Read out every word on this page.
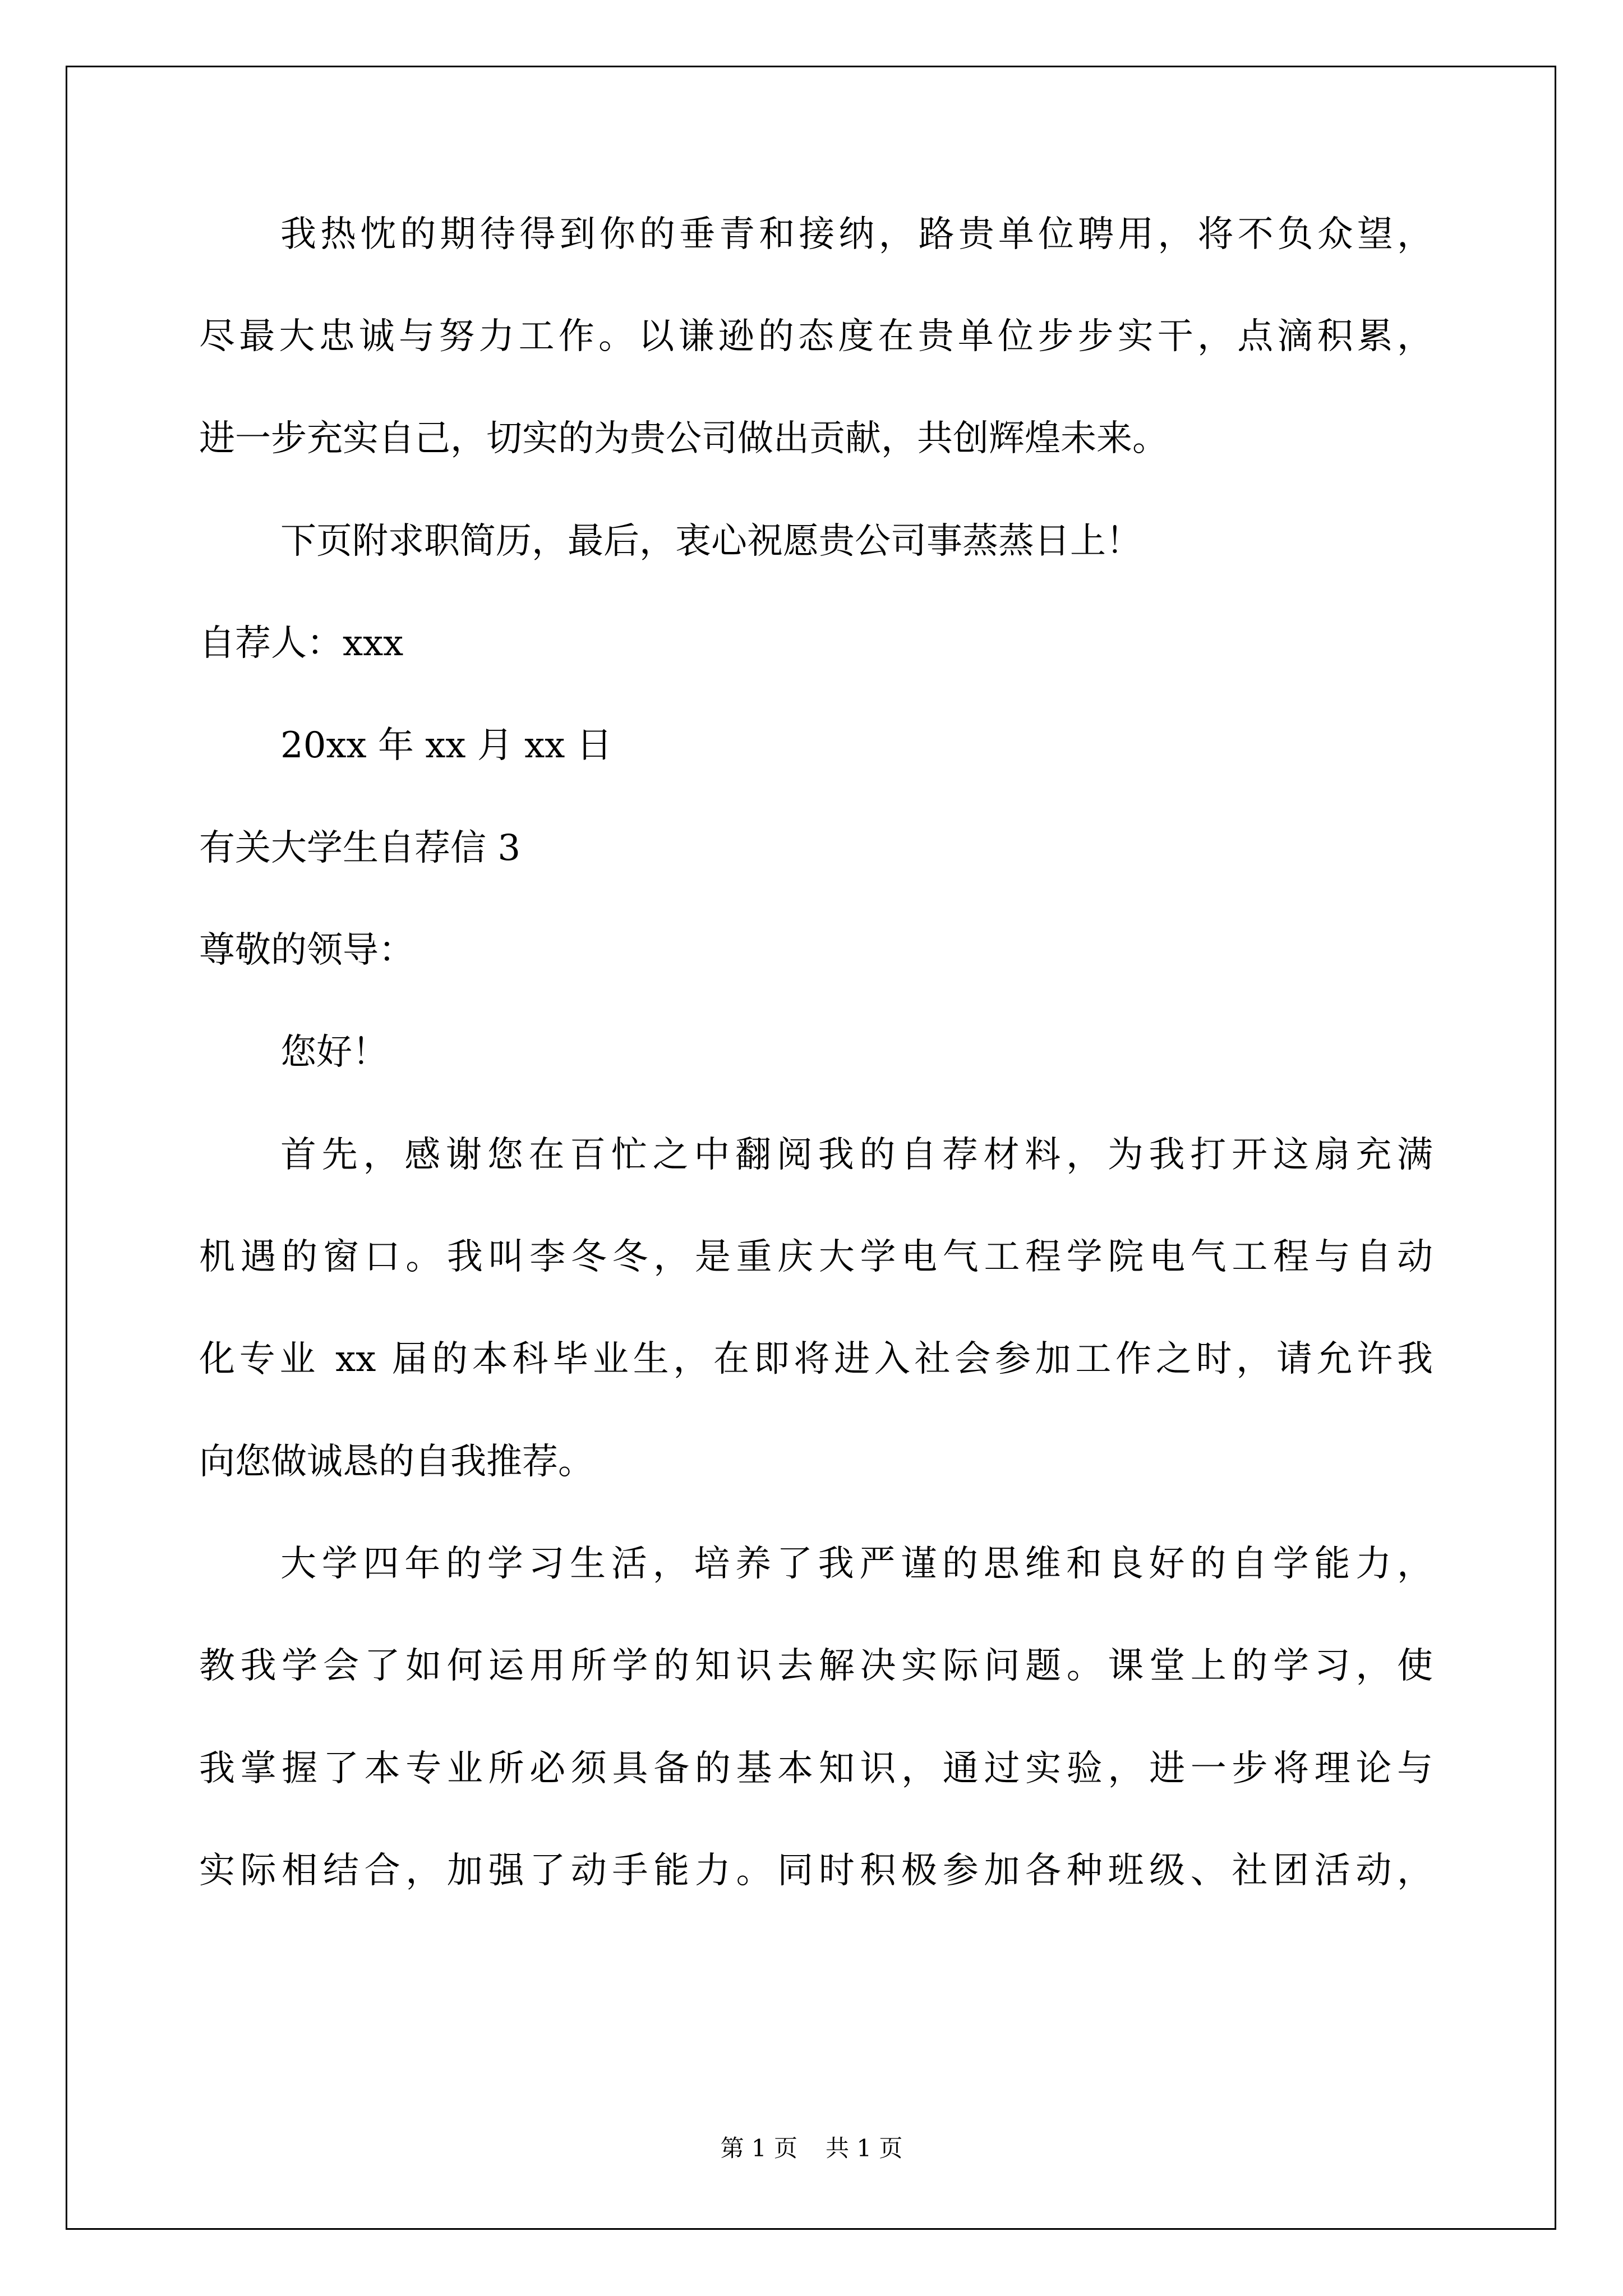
我热忱的期待得到你的垂青和接纳，路贵单位聘用，将不负众望，
尽最大忠诚与努力工作。以谦逊的态度在贵单位步步实干，点滴积累，
进一步充实自己，切实的为贵公司做出贡献，共创辉煌未来。
下页附求职简历，最后，衷心祝愿贵公司事蒸蒸日上！
自荐人：xxx
20xx 年 xx 月 xx 日
有关大学生自荐信 3
尊敬的领导：
您好！
首先，感谢您在百忙之中翻阅我的自荐材料，为我打开这扇充满
机遇的窗口。我叫李冬冬，是重庆大学电气工程学院电气工程与自动
化专业 xx 届的本科毕业生，在即将进入社会参加工作之时，请允许我
向您做诚恳的自我推荐。
大学四年的学习生活，培养了我严谨的思维和良好的自学能力，
教我学会了如何运用所学的知识去解决实际问题。课堂上的学习，使
我掌握了本专业所必须具备的基本知识，通过实验，进一步将理论与
实际相结合，加强了动手能力。同时积极参加各种班级、社团活动，
第 1 页 共 1 页
